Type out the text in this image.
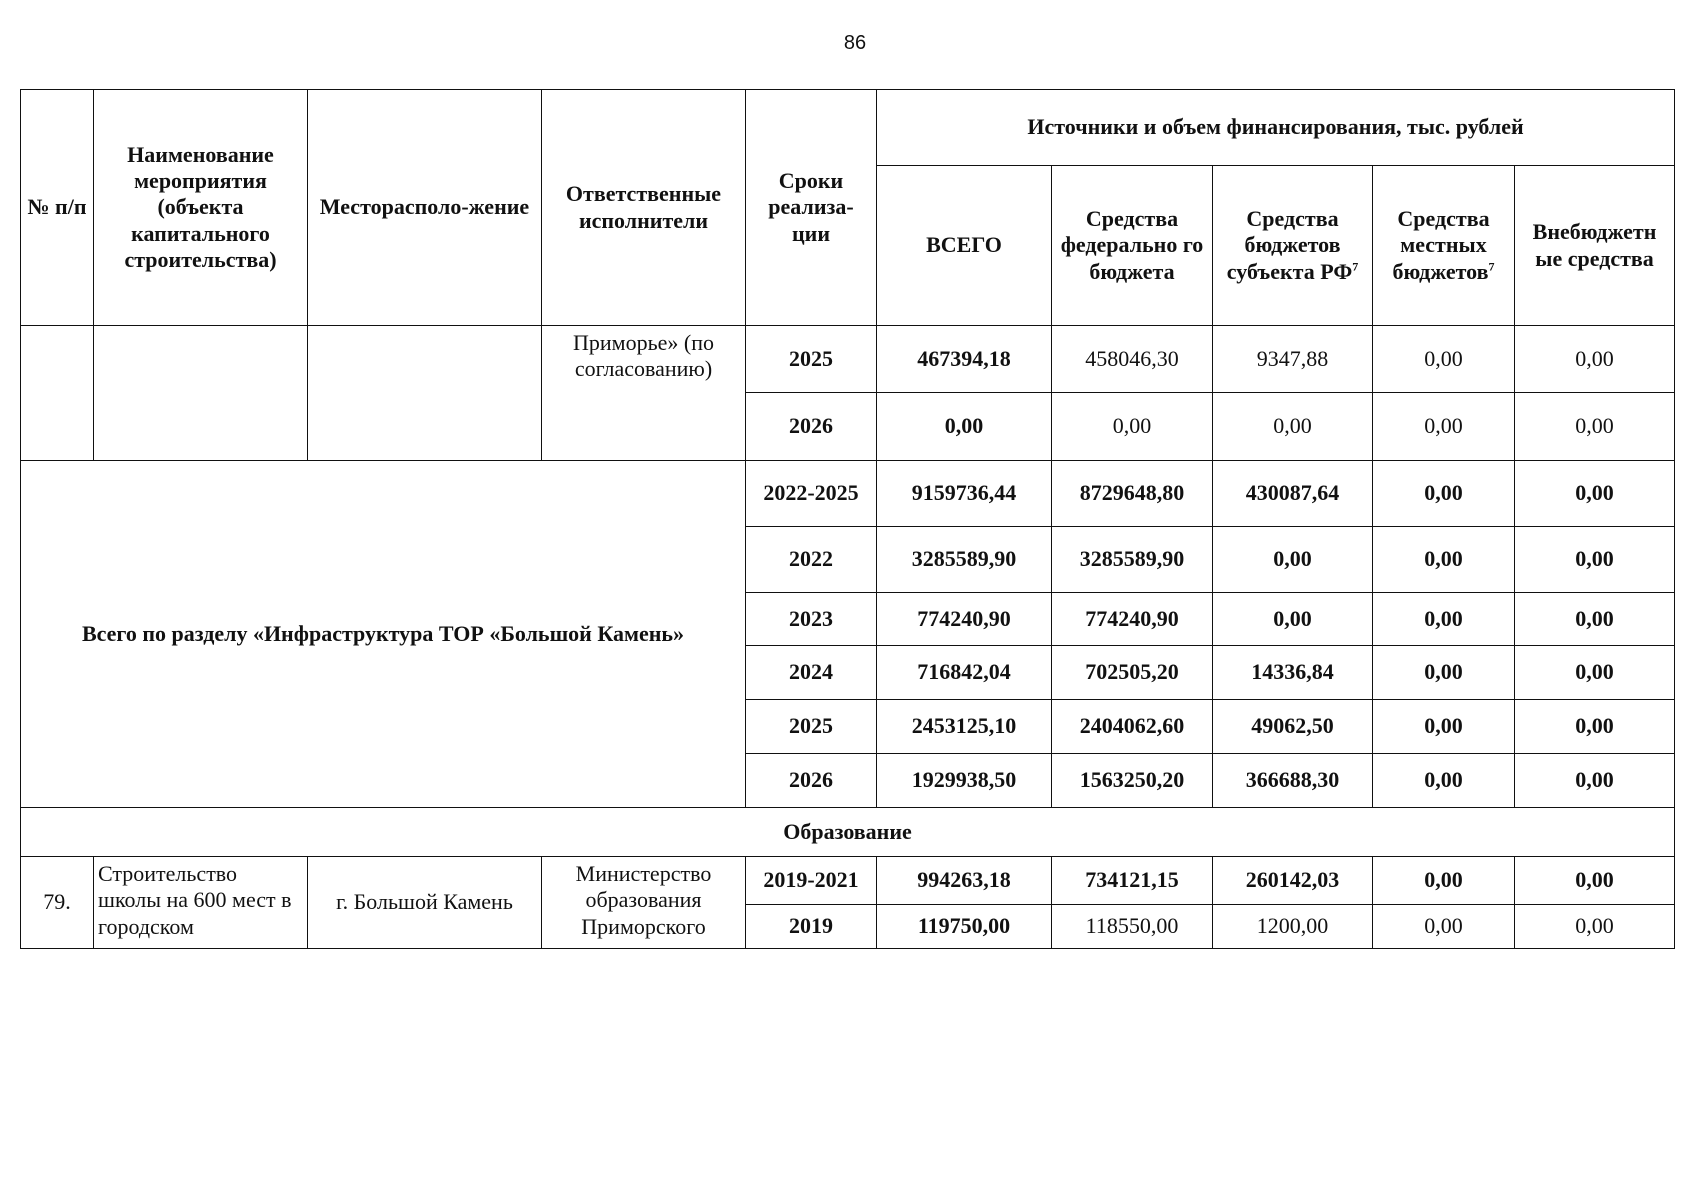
86
№ п/п	Наименование мероприятия (объекта капитального строительства)	Месторасполо-жение	Ответственные исполнители	Сроки реализа-ции	Источники и объем финансирования, тыс. рублей				
					ВСЕГО	Средства федерально го бюджета	Средства бюджетов субъекта $РФ^7$	Средства местных бюджетов$^7$	Внебюджетн ые средства
			Приморье» (по согласованию)	2025	467394,18	458046,30	9347,88	0,00	0,00
				2026	0,00	0,00	0,00	0,00	0,00
Всего по разделу «Инфраструктура ТОР «Большой Камень»				2022-2025	9159736,44	8729648,80	430087,64	0,00	0,00
				2022	3285589,90	3285589,90	0,00	0,00	0,00
				2023	774240,90	774240,90	0,00	0,00	0,00
				2024	716842,04	702505,20	14336,84	0,00	0,00
				2025	2453125,10	2404062,60	49062,50	0,00	0,00
				2026	1929938,50	1563250,20	366688,30	0,00	0,00
Образование									
79.	Строительство школы на 600 мест в городском	г. Большой Камень	Министерство образования Приморского	2019-2021	994263,18	734121,15	260142,03	0,00	0,00
				2019	119750,00	118550,00	1200,00	0,00	0,00
